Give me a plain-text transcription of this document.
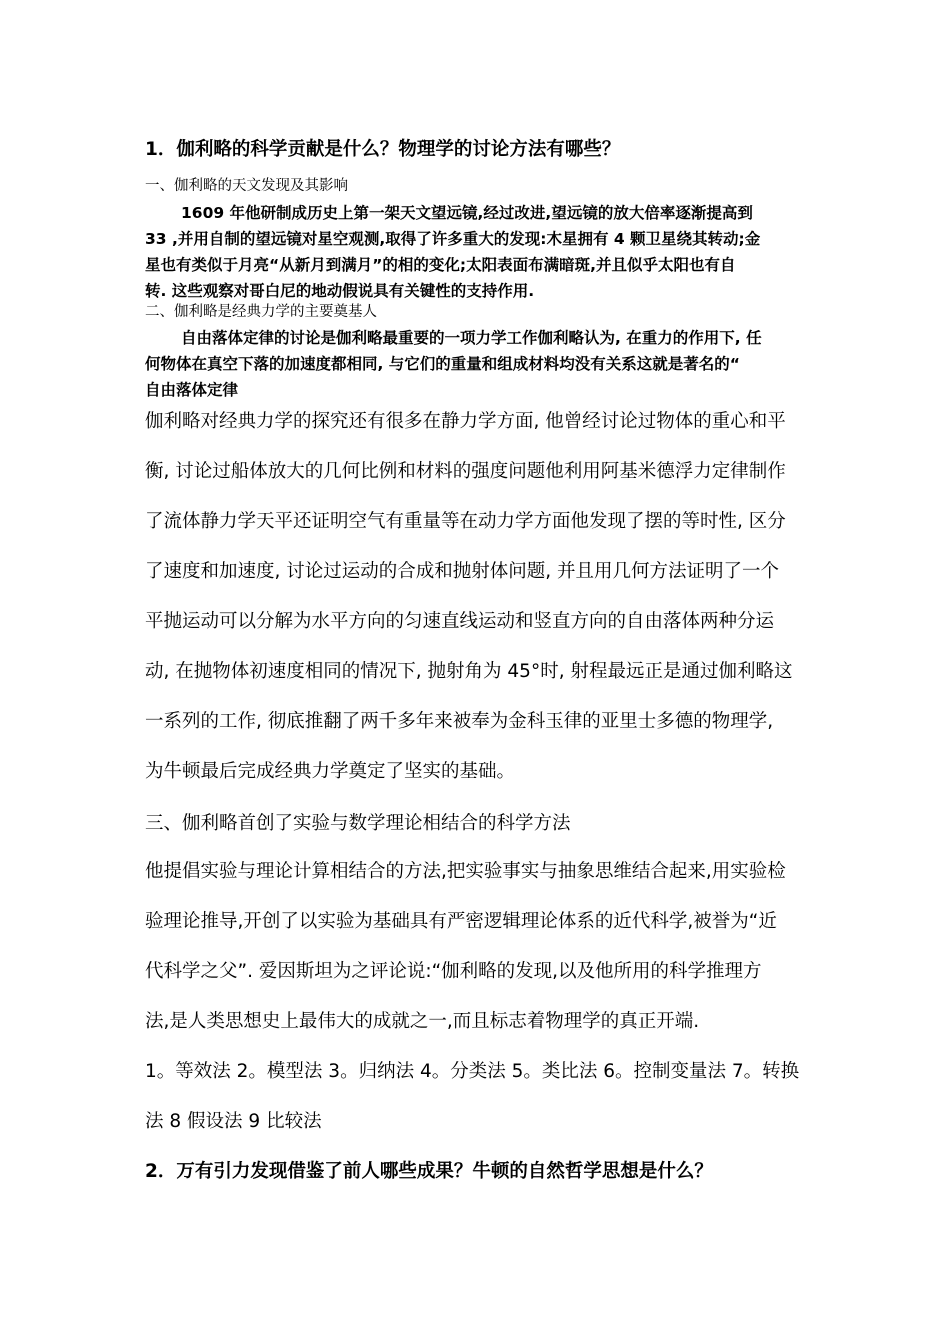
1．伽利略的科学贡献是什么？物理学的讨论方法有哪些？
一、伽利略的天文发现及其影响
1609 年他研制成历史上第一架天文望远镜,经过改进,望远镜的放大倍率逐渐提高到
33 ,并用自制的望远镜对星空观测,取得了许多重大的发现:木星拥有 4 颗卫星绕其转动;金
星也有类似于月亮“从新月到满月”的相的变化;太阳表面布满暗斑,并且似乎太阳也有自
转. 这些观察对哥白尼的地动假说具有关键性的支持作用.
二、伽利略是经典力学的主要奠基人
自由落体定律的讨论是伽利略最重要的一项力学工作伽利略认为, 在重力的作用下, 任
何物体在真空下落的加速度都相同, 与它们的重量和组成材料均没有关系这就是著名的“
自由落体定律
伽利略对经典力学的探究还有很多在静力学方面, 他曾经讨论过物体的重心和平
衡, 讨论过船体放大的几何比例和材料的强度问题他利用阿基米德浮力定律制作
了流体静力学天平还证明空气有重量等在动力学方面他发现了摆的等时性, 区分
了速度和加速度, 讨论过运动的合成和抛射体问题, 并且用几何方法证明了一个
平抛运动可以分解为水平方向的匀速直线运动和竖直方向的自由落体两种分运
动, 在抛物体初速度相同的情况下, 抛射角为 45°时, 射程最远正是通过伽利略这
一系列的工作, 彻底推翻了两千多年来被奉为金科玉律的亚里士多德的物理学,
为牛顿最后完成经典力学奠定了坚实的基础。
三、伽利略首创了实验与数学理论相结合的科学方法
他提倡实验与理论计算相结合的方法,把实验事实与抽象思维结合起来,用实验检
验理论推导,开创了以实验为基础具有严密逻辑理论体系的近代科学,被誉为“近
代科学之父”. 爱因斯坦为之评论说:“伽利略的发现,以及他所用的科学推理方
法,是人类思想史上最伟大的成就之一,而且标志着物理学的真正开端.
1。等效法 2。模型法 3。归纳法 4。分类法 5。类比法 6。控制变量法 7。转换
法 8 假设法 9 比较法
2．万有引力发现借鉴了前人哪些成果？牛顿的自然哲学思想是什么？
